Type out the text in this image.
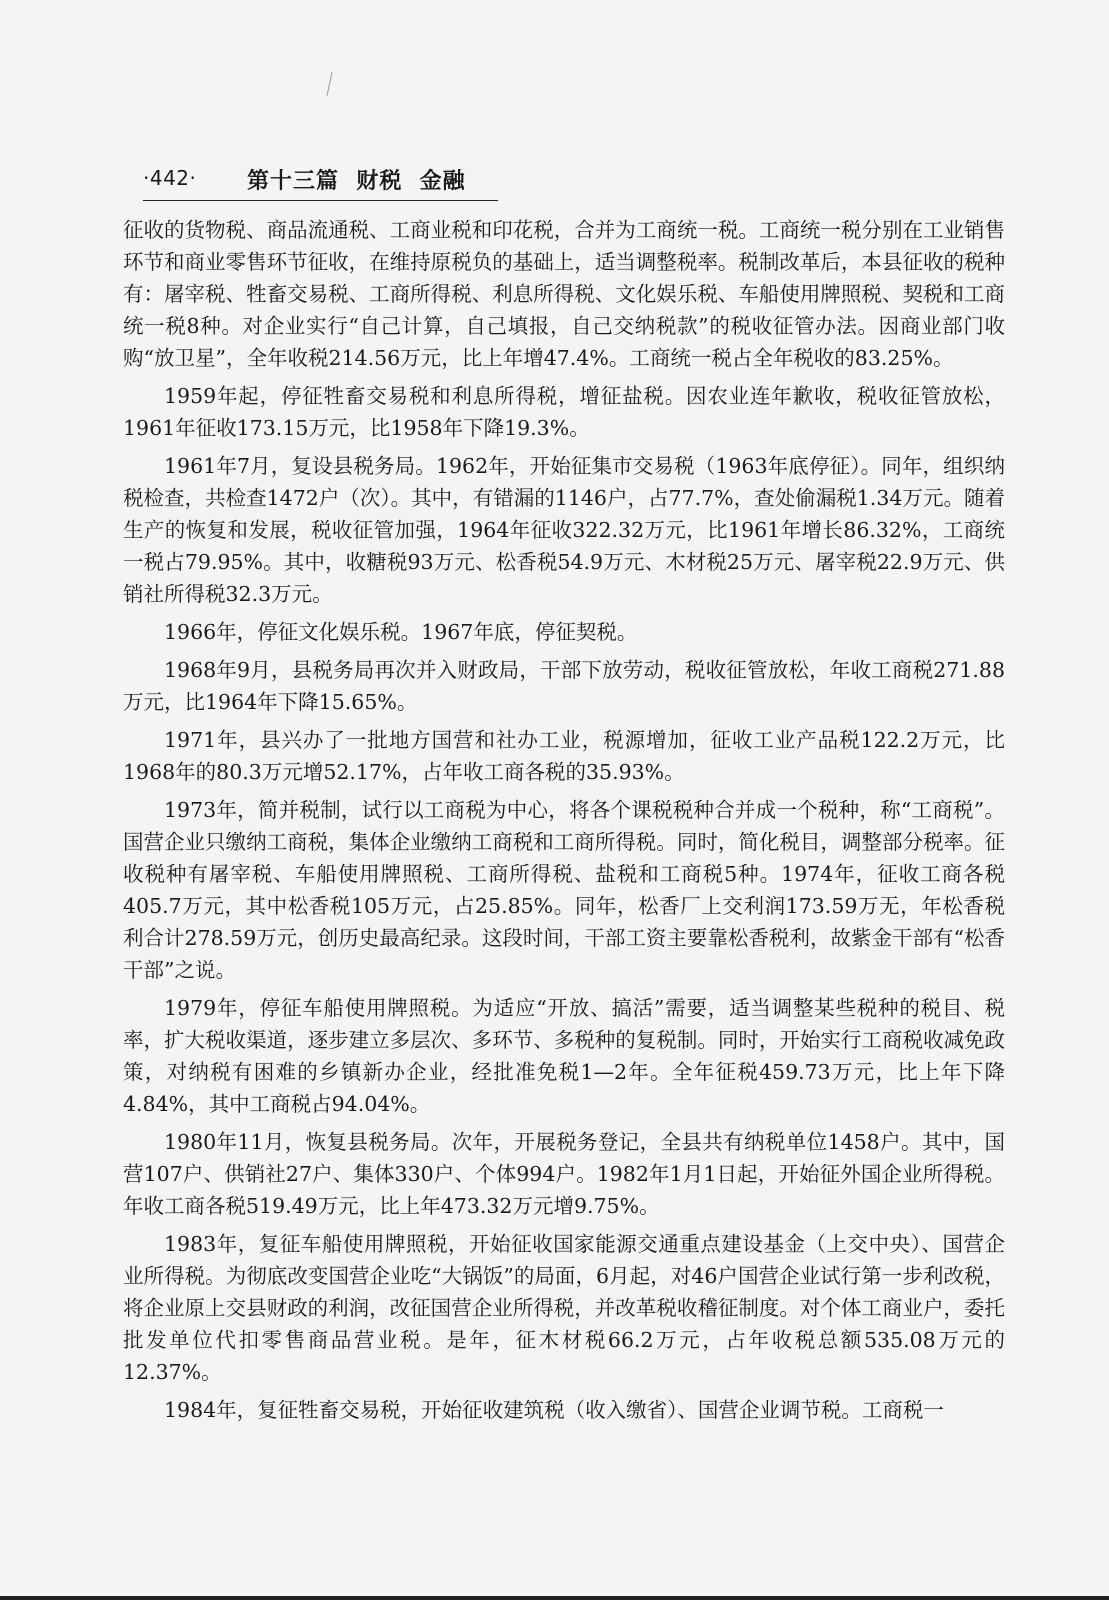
·442· 第十三篇  财税  金融

征收的货物税、商品流通税、工商业税和印花税，合并为工商统一税。工商统一税分别在工业销售环节和商业零售环节征收，在维持原税负的基础上，适当调整税率。税制改革后，本县征收的税种有：屠宰税、牲畜交易税、工商所得税、利息所得税、文化娱乐税、车船使用牌照税、契税和工商统一税8种。对企业实行“自己计算，自己填报，自己交纳税款”的税收征管办法。因商业部门收购“放卫星”，全年收税214.56万元，比上年增47.4%。工商统一税占全年税收的83.25%。

1959年起，停征牲畜交易税和利息所得税，增征盐税。因农业连年歉收，税收征管放松，1961年征收173.15万元，比1958年下降19.3%。

1961年7月，复设县税务局。1962年，开始征集市交易税（1963年底停征）。同年，组织纳税检查，共检查1472户（次）。其中，有错漏的1146户，占77.7%，查处偷漏税1.34万元。随着生产的恢复和发展，税收征管加强，1964年征收322.32万元，比1961年增长86.32%，工商统一税占79.95%。其中，收糖税93万元、松香税54.9万元、木材税25万元、屠宰税22.9万元、供销社所得税32.3万元。

1966年，停征文化娱乐税。1967年底，停征契税。

1968年9月，县税务局再次并入财政局，干部下放劳动，税收征管放松，年收工商税271.88万元，比1964年下降15.65%。

1971年，县兴办了一批地方国营和社办工业，税源增加，征收工业产品税122.2万元，比1968年的80.3万元增52.17%，占年收工商各税的35.93%。

1973年，简并税制，试行以工商税为中心，将各个课税税种合并成一个税种，称“工商税”。国营企业只缴纳工商税，集体企业缴纳工商税和工商所得税。同时，简化税目，调整部分税率。征收税种有屠宰税、车船使用牌照税、工商所得税、盐税和工商税5种。1974年，征收工商各税405.7万元，其中松香税105万元，占25.85%。同年，松香厂上交利润173.59万无，年松香税利合计278.59万元，创历史最高纪录。这段时间，干部工资主要靠松香税利，故紫金干部有“松香干部”之说。

1979年，停征车船使用牌照税。为适应“开放、搞活”需要，适当调整某些税种的税目、税率，扩大税收渠道，逐步建立多层次、多环节、多税种的复税制。同时，开始实行工商税收减免政策，对纳税有困难的乡镇新办企业，经批准免税1—2年。全年征税459.73万元，比上年下降4.84%，其中工商税占94.04%。

1980年11月，恢复县税务局。次年，开展税务登记，全县共有纳税单位1458户。其中，国营107户、供销社27户、集体330户、个体994户。1982年1月1日起，开始征外国企业所得税。年收工商各税519.49万元，比上年473.32万元增9.75%。

1983年，复征车船使用牌照税，开始征收国家能源交通重点建设基金（上交中央）、国营企业所得税。为彻底改变国营企业吃“大锅饭”的局面，6月起，对46户国营企业试行第一步利改税，将企业原上交县财政的利润，改征国营企业所得税，并改革税收稽征制度。对个体工商业户，委托批发单位代扣零售商品营业税。是年，征木材税66.2万元，占年收税总额535.08万元的12.37%。

1984年，复征牲畜交易税，开始征收建筑税（收入缴省）、国营企业调节税。工商税一
